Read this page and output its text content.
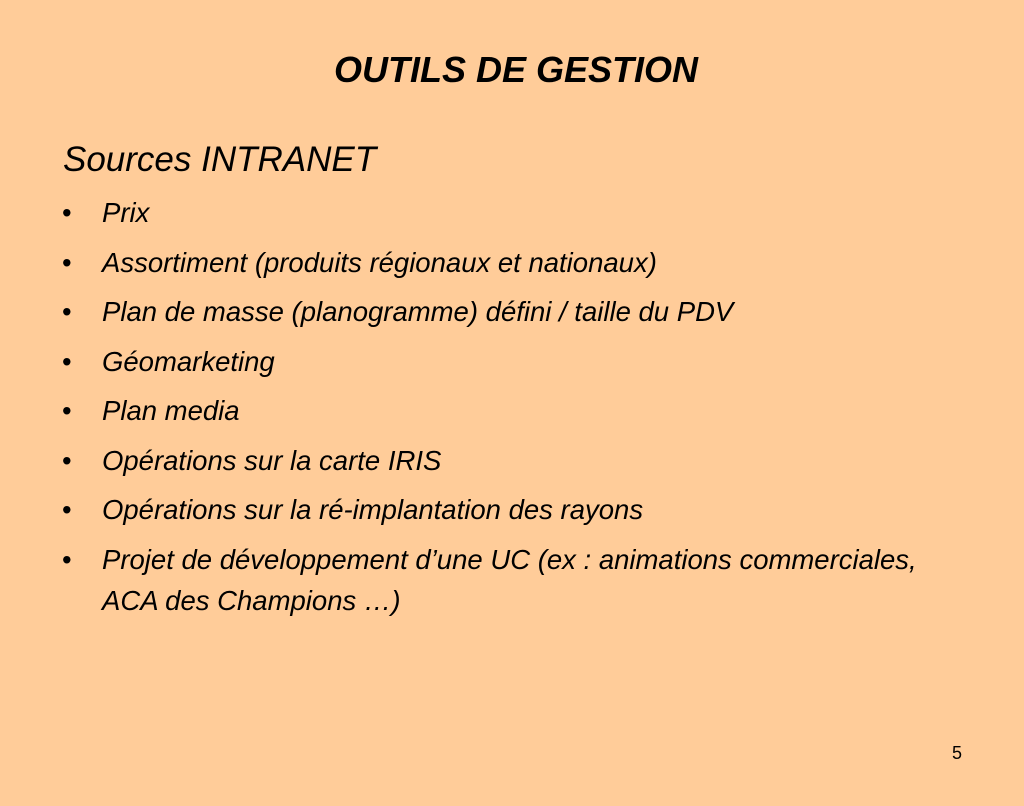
OUTILS DE GESTION
Sources INTRANET
• Prix
• Assortiment (produits régionaux et nationaux)
• Plan de masse (planogramme) défini / taille du PDV
• Géomarketing
• Plan media
• Opérations sur la carte IRIS
• Opérations sur la ré-implantation des rayons
• Projet de développement d’une UC (ex : animations commerciales, ACA des Champions …)
5
